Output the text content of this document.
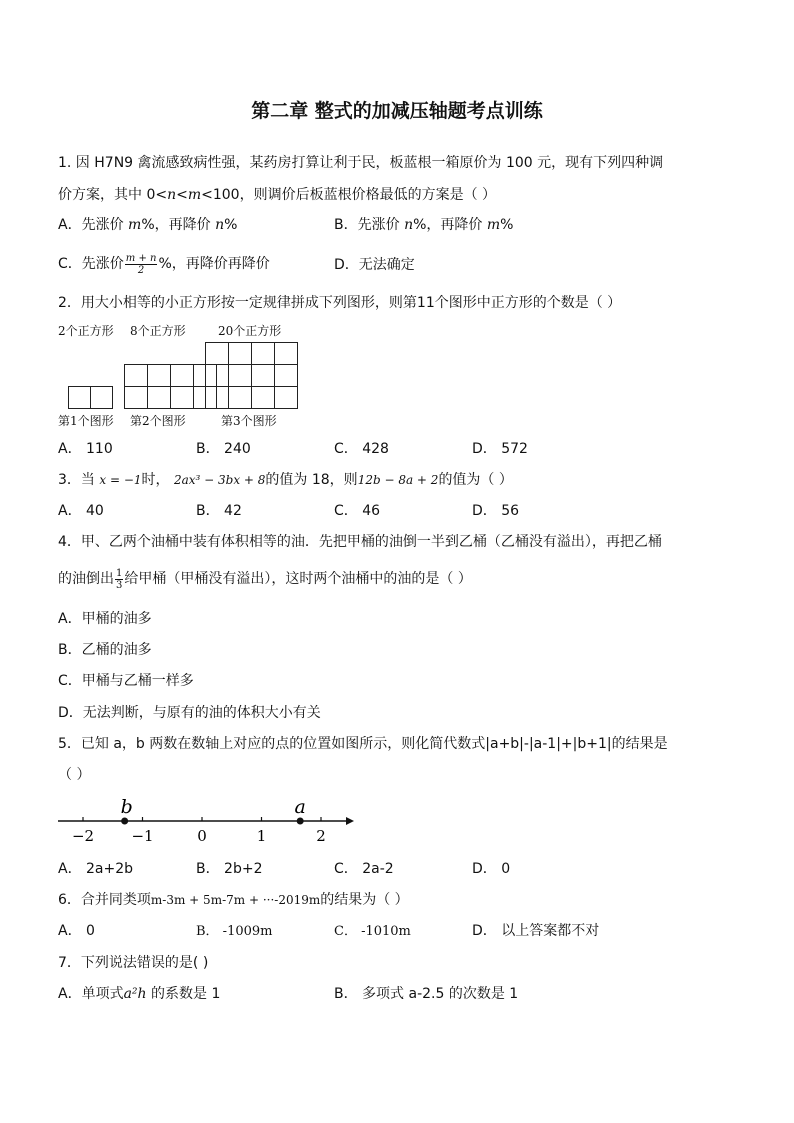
第二章 整式的加减压轴题考点训练
1. 因 H7N9 禽流感致病性强，某药房打算让利于民，板蓝根一箱原价为 100 元，现有下列四种调
价方案，其中 0<n<m<100，则调价后板蓝根价格最低的方案是（ ）
A．先涨价 m%，再降价 n%	B．先涨价 n%，再降价 m%
C．先涨价 $\frac{m + n}{2}$ %，再降价再降价	D．无法确定
2．用大小相等的小正方形按一定规律拼成下列图形，则第11个图形中正方形的个数是（ ）
2个正方形 8个正方形	20个正方形
第1个图形 第2个图形	第3个图形
A． 110	B． 240	C． 428	D． 572
3．当 x = −1时， 2ax³ − 3bx + 8的值为 18，则12b − 8a + 2的值为（ ）
A． 40	B． 42	C． 46	D． 56
4．甲、乙两个油桶中装有体积相等的油．先把甲桶的油倒一半到乙桶（乙桶没有溢出），再把乙桶
的油倒出 $\frac{1}{3}$ 给甲桶（甲桶没有溢出），这时两个油桶中的油的是（ ）
A．甲桶的油多
B．乙桶的油多
C．甲桶与乙桶一样多
D．无法判断，与原有的油的体积大小有关
5．已知 a，b 两数在数轴上对应的点的位置如图所示，则化简代数式|a+b|-|a-1|+|b+1|的结果是
（ ）
−2 −1	0	1	2
b	a
A． 2a+2b	B． 2b+2	C． 2a-2	D． 0
6．合并同类项m-3m + 5m-7m + ···-2019m的结果为（ ）
A． 0	B． -1009m	C． -1010m	D． 以上答案都不对
7．下列说法错误的是( )
A．单项式a²h 的系数是 1	B． 多项式 a-2.5 的次数是 1
